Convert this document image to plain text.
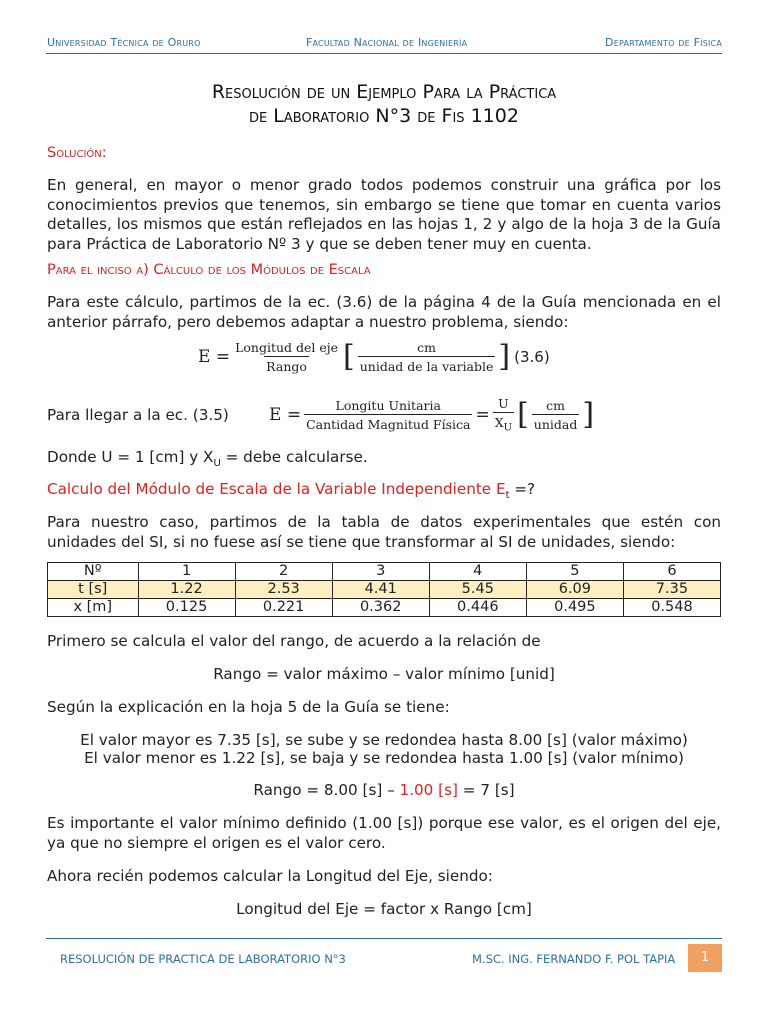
Universidad Técnica de Oruro	Facultad Nacional de Ingeniería	Departamento de Física
Resolución de un Ejemplo Para la Práctica
de Laboratorio N°3 de Fis 1102
Solución:
En general, en mayor o menor grado todos podemos construir una gráfica por los conocimientos previos que tenemos, sin embargo se tiene que tomar en cuenta varios detalles, los mismos que están reflejados en las hojas 1, 2 y algo de la hoja 3 de la Guía para Práctica de Laboratorio Nº 3 y que se deben tener muy en cuenta.
Para el inciso a) Cálculo de los Módulos de Escala
Para este cálculo, partimos de la ec. (3.6) de la página 4 de la Guía mencionada en el anterior párrafo, pero debemos adaptar a nuestro problema, siendo:
$E = \frac{\text{Longitud del eje}}{\text{Rango}}$ [ $\frac{cm}{\text{unidad de la variable}}$ ] (3.6)
Para llegar a la ec. (3.5)	$E = \frac{\text{Longitu Unitaria}}{\text{Cantidad Magnitud Física}} = \frac{U}{X_U}$ [ $\frac{cm}{\text{unidad}}$ ]
Donde U = 1 [cm] y $X_U$ = debe calcularse.
Calculo del Módulo de Escala de la Variable Independiente $E_t$ =?
Para nuestro caso, partimos de la tabla de datos experimentales que estén con unidades del SI, si no fuese así se tiene que transformar al SI de unidades, siendo:
Nº	1	2	3	4	5	6
t [s]	1.22	2.53	4.41	5.45	6.09	7.35
x [m]	0.125	0.221	0.362	0.446	0.495	0.548
Primero se calcula el valor del rango, de acuerdo a la relación de
Rango = valor máximo – valor mínimo [unid]
Según la explicación en la hoja 5 de la Guía se tiene:
El valor mayor es 7.35 [s], se sube y se redondea hasta 8.00 [s] (valor máximo)
El valor menor es 1.22 [s], se baja y se redondea hasta 1.00 [s] (valor mínimo)
Rango = 8.00 [s] – 1.00 [s] = 7 [s]
Es importante el valor mínimo definido (1.00 [s]) porque ese valor, es el origen del eje, ya que no siempre el origen es el valor cero.
Ahora recién podemos calcular la Longitud del Eje, siendo:
Longitud del Eje = factor x Rango [cm]
RESOLUCIÓN DE PRACTICA DE LABORATORIO N°3	M.SC. ING. FERNANDO F. POL TAPIA	1
